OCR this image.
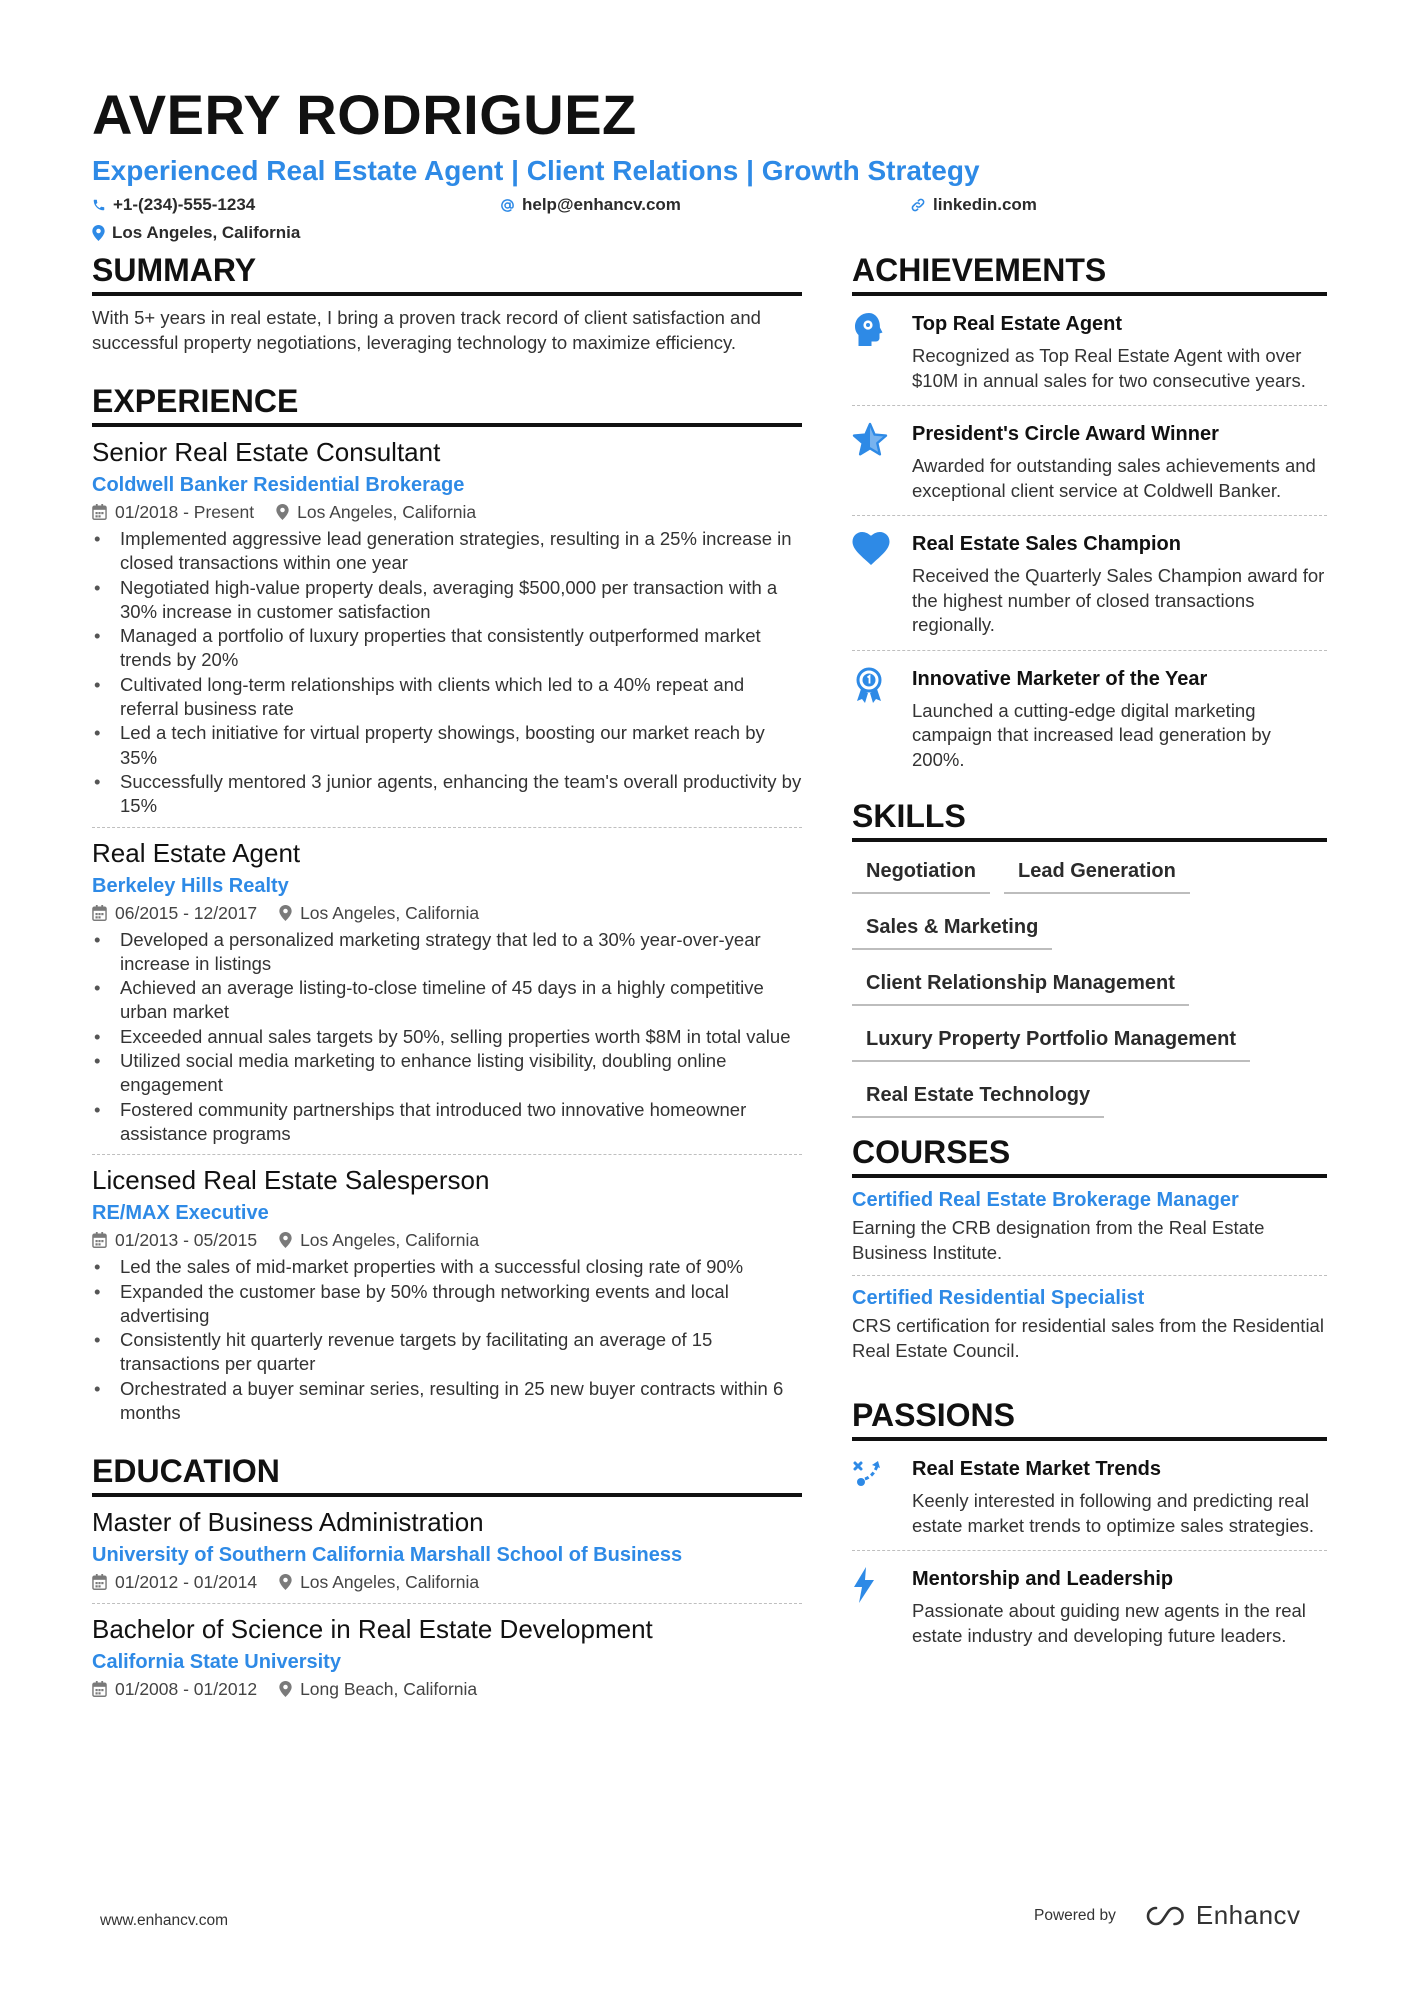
AVERY RODRIGUEZ
Experienced Real Estate Agent | Client Relations | Growth Strategy
+1-(234)-555-1234	help@enhancv.com	linkedin.com
Los Angeles, California
SUMMARY
With 5+ years in real estate, I bring a proven track record of client satisfaction and successful property negotiations, leveraging technology to maximize efficiency.
EXPERIENCE
Senior Real Estate Consultant
Coldwell Banker Residential Brokerage
01/2018 - Present Los Angeles, California
• Implemented aggressive lead generation strategies, resulting in a 25% increase in closed transactions within one year
• Negotiated high-value property deals, averaging $500,000 per transaction with a 30% increase in customer satisfaction
• Managed a portfolio of luxury properties that consistently outperformed market trends by 20%
• Cultivated long-term relationships with clients which led to a 40% repeat and referral business rate
• Led a tech initiative for virtual property showings, boosting our market reach by 35%
• Successfully mentored 3 junior agents, enhancing the team's overall productivity by 15%
Real Estate Agent
Berkeley Hills Realty
06/2015 - 12/2017 Los Angeles, California
• Developed a personalized marketing strategy that led to a 30% year-over-year increase in listings
• Achieved an average listing-to-close timeline of 45 days in a highly competitive urban market
• Exceeded annual sales targets by 50%, selling properties worth $8M in total value
• Utilized social media marketing to enhance listing visibility, doubling online engagement
• Fostered community partnerships that introduced two innovative homeowner assistance programs
Licensed Real Estate Salesperson
RE/MAX Executive
01/2013 - 05/2015 Los Angeles, California
• Led the sales of mid-market properties with a successful closing rate of 90%
• Expanded the customer base by 50% through networking events and local advertising
• Consistently hit quarterly revenue targets by facilitating an average of 15 transactions per quarter
• Orchestrated a buyer seminar series, resulting in 25 new buyer contracts within 6 months
EDUCATION
Master of Business Administration
University of Southern California Marshall School of Business
01/2012 - 01/2014 Los Angeles, California
Bachelor of Science in Real Estate Development
California State University
01/2008 - 01/2012 Long Beach, California
ACHIEVEMENTS
Top Real Estate Agent
Recognized as Top Real Estate Agent with over $10M in annual sales for two consecutive years.
President's Circle Award Winner
Awarded for outstanding sales achievements and exceptional client service at Coldwell Banker.
Real Estate Sales Champion
Received the Quarterly Sales Champion award for the highest number of closed transactions regionally.
Innovative Marketer of the Year
Launched a cutting-edge digital marketing campaign that increased lead generation by 200%.
SKILLS
Negotiation	Lead Generation
Sales & Marketing
Client Relationship Management
Luxury Property Portfolio Management
Real Estate Technology
COURSES
Certified Real Estate Brokerage Manager
Earning the CRB designation from the Real Estate Business Institute.
Certified Residential Specialist
CRS certification for residential sales from the Residential Real Estate Council.
PASSIONS
Real Estate Market Trends
Keenly interested in following and predicting real estate market trends to optimize sales strategies.
Mentorship and Leadership
Passionate about guiding new agents in the real estate industry and developing future leaders.
www.enhancv.com	Powered by	Enhancv
